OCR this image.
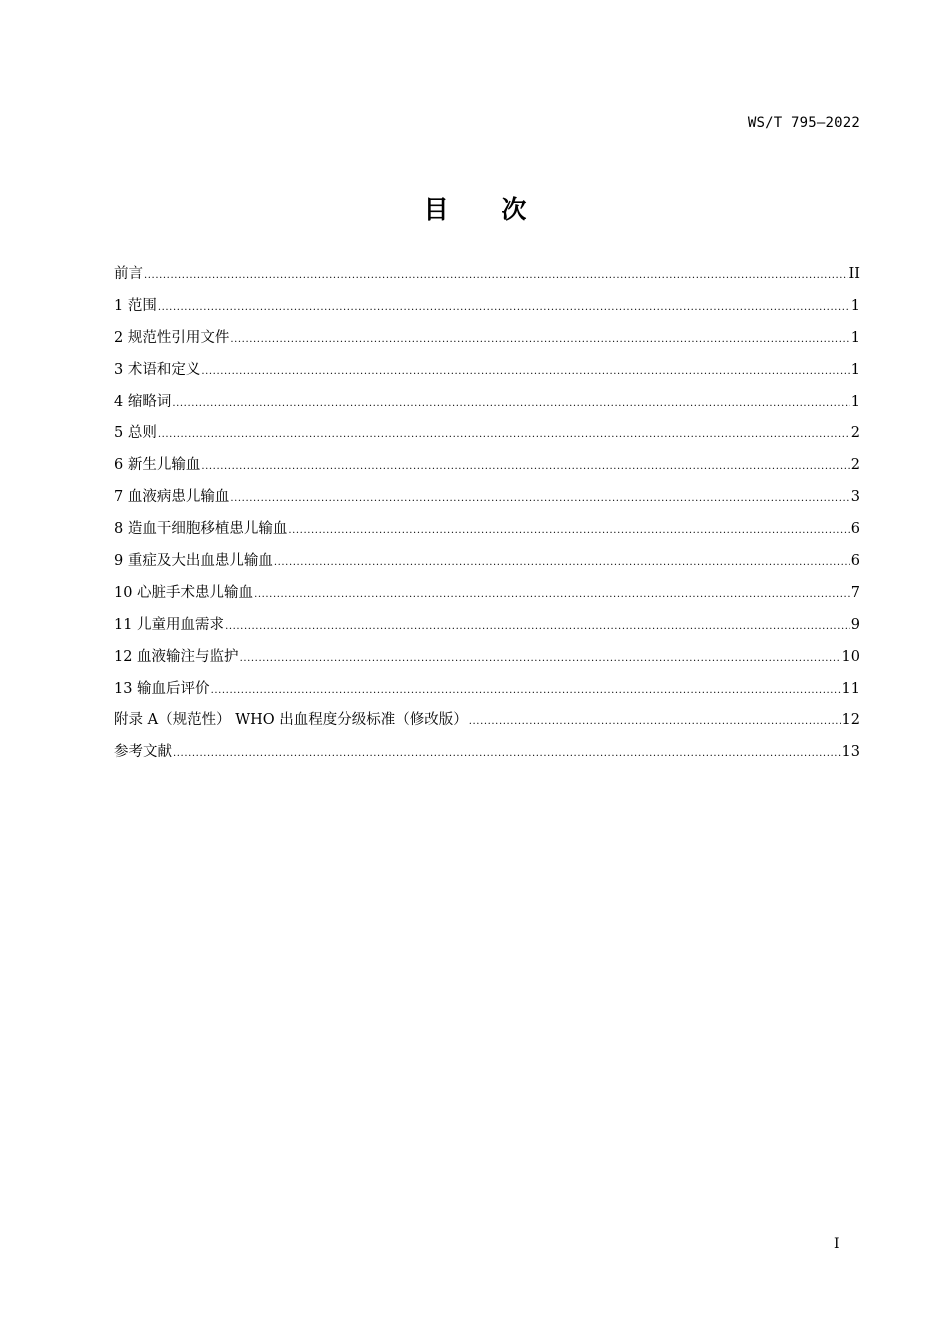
WS/T 795—2022
目 次
前言 .....	II
1 范围 .....	1
2 规范性引用文件 .....	1
3 术语和定义 .....	1
4 缩略词 .....	1
5 总则 .....	2
6 新生儿输血 .....	2
7 血液病患儿输血 .....	3
8 造血干细胞移植患儿输血 .....	6
9 重症及大出血患儿输血 .....	6
10 心脏手术患儿输血 .....	7
11 儿童用血需求 .....	9
12 血液输注与监护 .....	10
13 输血后评价 .....	11
附录 A（规范性） WHO 出血程度分级标准（修改版） .....	12
参考文献 .....	13
I
